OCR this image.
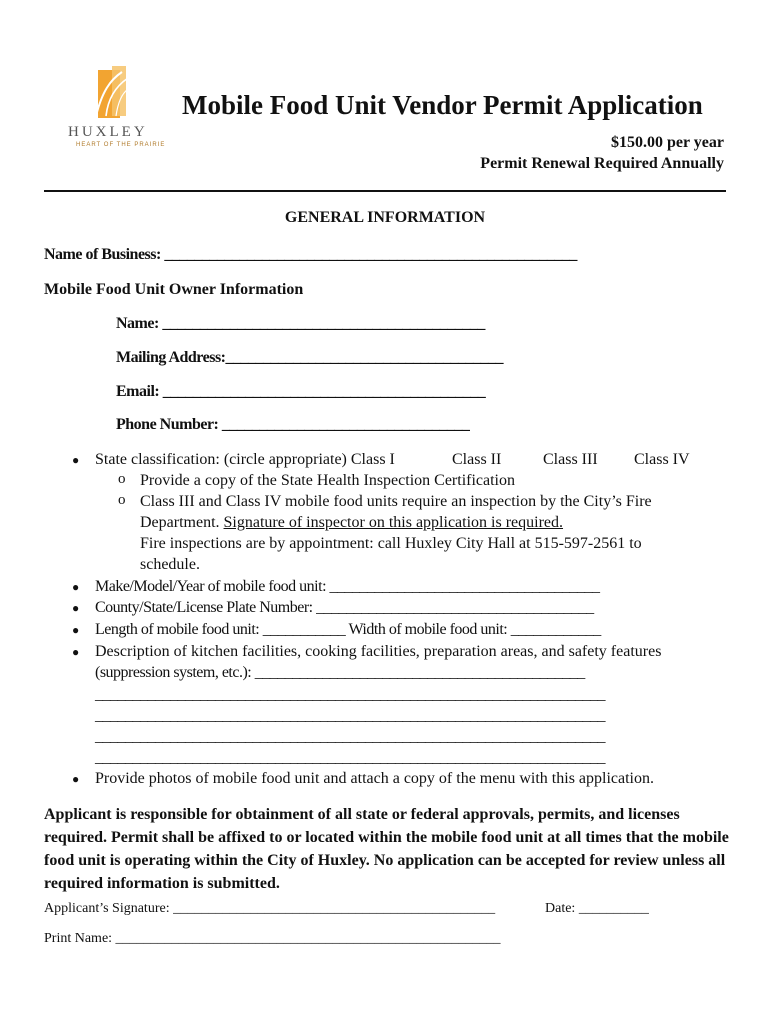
HUXLEY
HEART OF THE PRAIRIE
Mobile Food Unit Vendor Permit Application
$150.00 per year
Permit Renewal Required Annually
GENERAL INFORMATION
Name of Business: _______________________________________________________
Mobile Food Unit Owner Information
Name: ___________________________________________
Mailing Address:_____________________________________
Email: ___________________________________________
Phone Number: _________________________________
● State classification: (circle appropriate) Class I	Class II	Class III Class IV
o Provide a copy of the State Health Inspection Certification
o Class III and Class IV mobile food units require an inspection by the City’s Fire
Department. Signature of inspector on this application is required.
Fire inspections are by appointment: call Huxley City Hall at 515-597-2561 to
schedule.
● Make/Model/Year of mobile food unit: ____________________________________
● County/State/License Plate Number: _____________________________________
● Length of mobile food unit: ___________ Width of mobile food unit: ____________
● Description of kitchen facilities, cooking facilities, preparation areas, and safety features
(suppression system, etc.): ____________________________________________
____________________________________________________________________
____________________________________________________________________
____________________________________________________________________
____________________________________________________________________
● Provide photos of mobile food unit and attach a copy of the menu with this application.
Applicant is responsible for obtainment of all state or federal approvals, permits, and licenses required. Permit shall be affixed to or located within the mobile food unit at all times that the mobile food unit is operating within the City of Huxley. No application can be accepted for review unless all required information is submitted.
Applicant’s Signature: ______________________________________________	Date: __________
Print Name: _______________________________________________________
